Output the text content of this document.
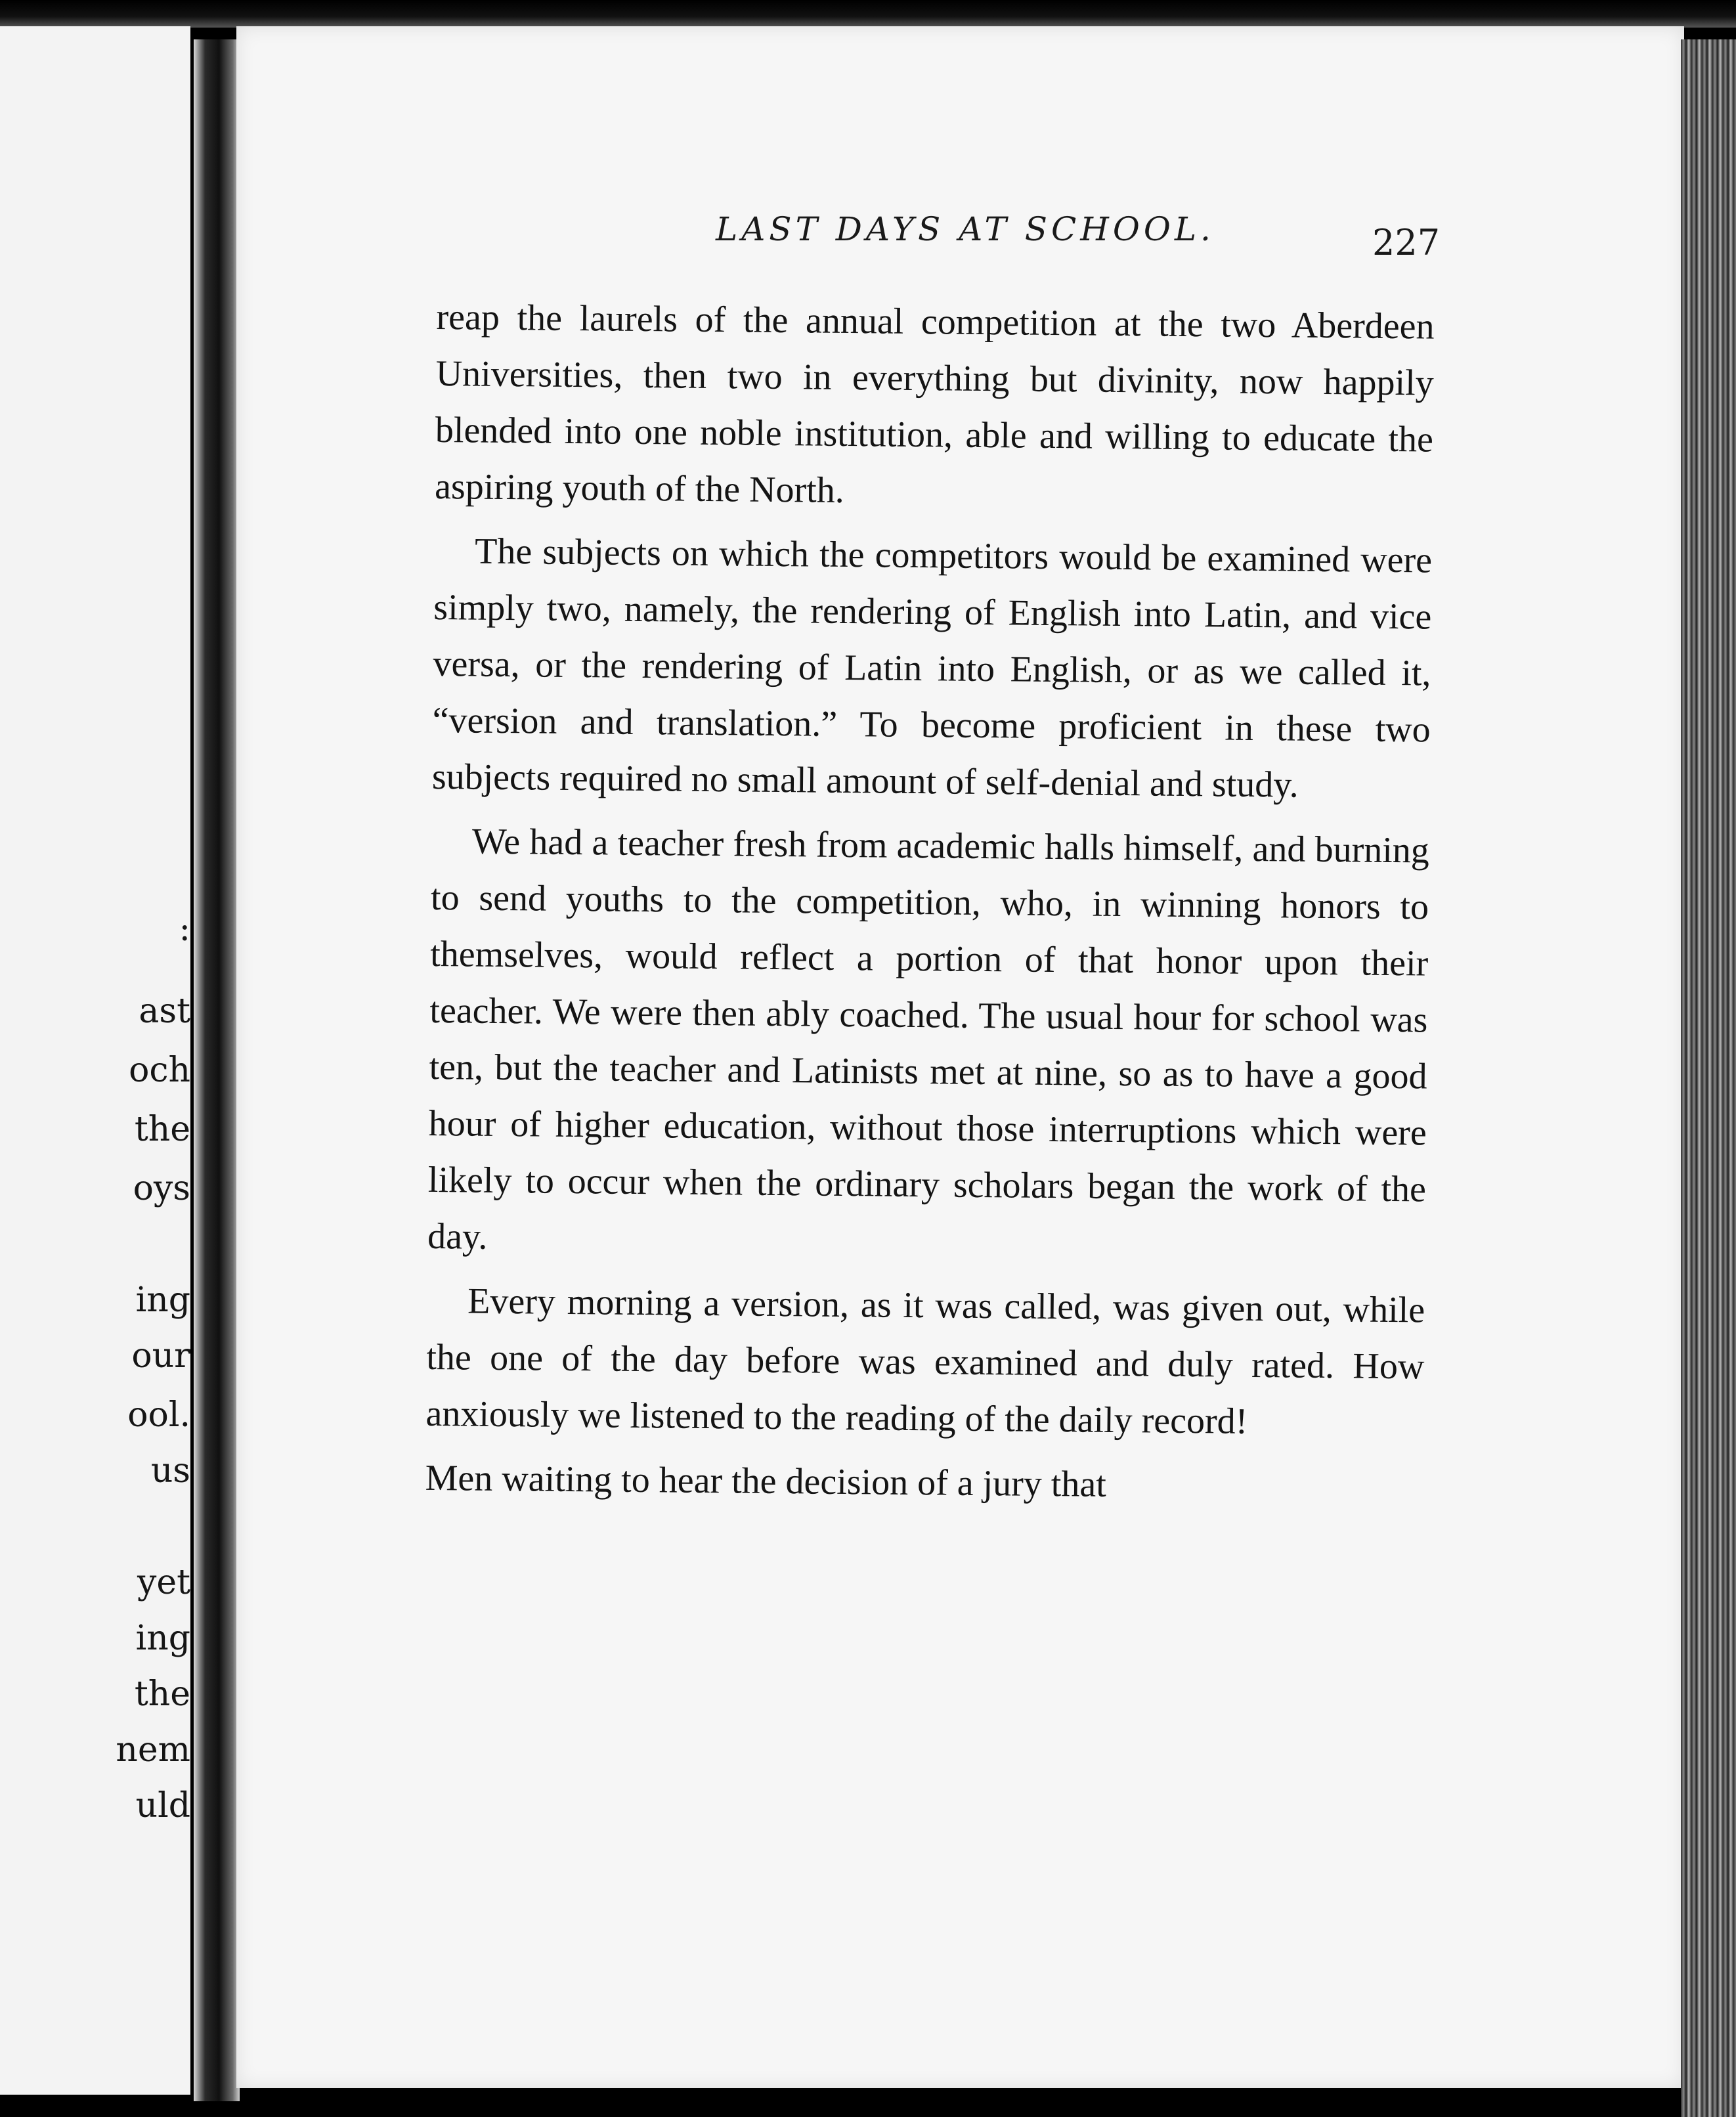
:

ast

och

the

oys

ing

our

ool.

us

yet

ing

the

nem

uld

LAST DAYS AT SCHOOL.	227

reap the laurels of the annual competition at the two Aberdeen Universities, then two in everything but divinity, now happily blended into one noble institution, able and willing to educate the aspiring youth of the North.

The subjects on which the competitors would be examined were simply two, namely, the rendering of English into Latin, and vice versa, or the rendering of Latin into English, or as we called it, “version and translation.” To become proficient in these two subjects required no small amount of self-denial and study.

We had a teacher fresh from academic halls himself, and burning to send youths to the competition, who, in winning honors to themselves, would reflect a portion of that honor upon their teacher. We were then ably coached. The usual hour for school was ten, but the teacher and Latinists met at nine, so as to have a good hour of higher education, without those interruptions which were likely to occur when the ordinary scholars began the work of the day.

Every morning a version, as it was called, was given out, while the one of the day before was examined and duly rated. How anxiously we listened to the reading of the daily record!

Men waiting to hear the decision of a jury that
